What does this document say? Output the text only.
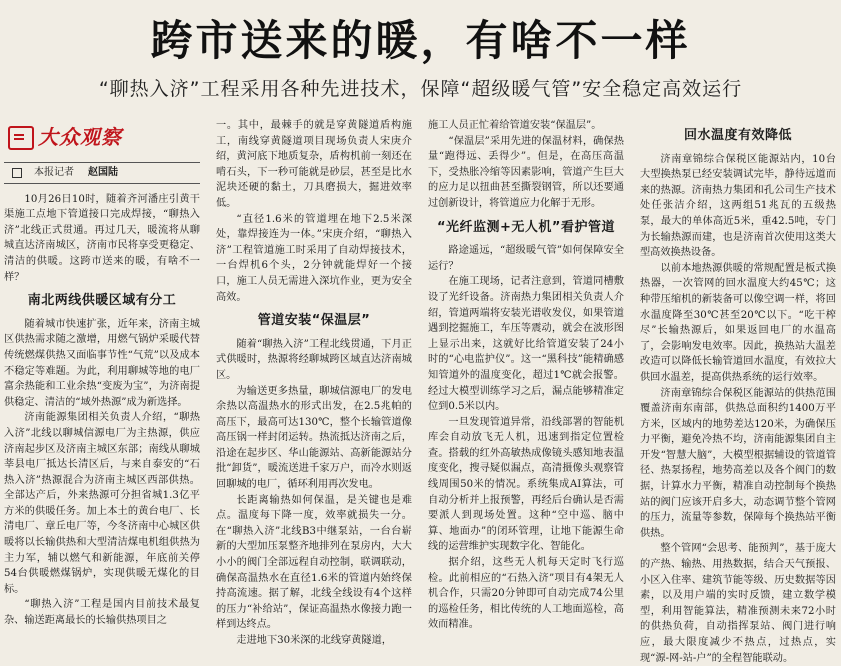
跨市送来的暖，有啥不一样
“聊热入济”工程采用各种先进技术，保障“超级暖气管”安全稳定高效运行
大众观察
本报记者 赵国陆

10月26日10时，随着齐河潘庄引黄干渠施工点地下管道接口完成焊接，“聊热入济”北线正式贯通。再过几天，暖流将从聊城直达济南城区，济南市民将享受更稳定、清洁的供暖。这跨市送来的暖，有啥不一样？

南北两线供暖区域有分工

随着城市快速扩张，近年来，济南主城区供热需求随之激增，用燃气锅炉采暖代替传统燃煤供热又面临事节性“气荒”以及成本不稳定等难题。为此，利用聊城等地的电厂富余热能和工业余热“变废为宝”，为济南提供稳定、清洁的“域外热源”成为新选择。

济南能源集团相关负责人介绍，“聊热入济”北线以聊城信源电厂为主热源，供应济南起步区及济南主城区东部；南线从聊城莘县电厂抵达长清区后，与来自泰安的“石热入济”热源混合为济南主城区西部供热。全部达产后，外来热源可分担省城1.3亿平方米的供暖任务。加上本土的黄台电厂、长清电厂、章丘电厂等，今冬济南中心城区供暖将以长输供热和大型清洁煤电机组供热为主力军，辅以燃气和新能源，年底前关停54台供暖燃煤锅炉，实现供暖无煤化的目标。

“聊热入济”工程是国内目前技术最复杂、输送距离最长的长输供热项目之

一。其中，最棘手的就是穿黄隧道盾构施工，南线穿黄隧道项目现场负责人宋庚介绍，黄河底下地质复杂，盾构机前一刻还在啃石头，下一秒可能就是砂层，甚至是比水泥块还硬的黏土，刀具磨损大，掘进效率低。

“直径1.6米的管道埋在地下2.5米深处，靠焊接连为一体。”宋庚介绍，“聊热入济”工程管道施工时采用了自动焊接技术，一台焊机6个头，2分钟就能焊好一个接口，施工人员无需进入深坑作业，更为安全高效。

管道安装“保温层”

随着“聊热入济”工程北线贯通，下月正式供暖时，热源将经聊城跨区域直达济南城区。

为输送更多热量，聊城信源电厂的发电余热以高温热水的形式出发，在2.5兆帕的高压下，最高可达130℃，整个长输管道像高压锅一样封闭运转。热流抵达济南之后，沿途在起步区、华山能源站、高新能源站分批“卸货”，暖流送进千家万户，而冷水则返回聊城的电厂，循环利用再次发电。

长距离输热如何保温，是关键也是难点。温度每下降一度，效率就损失一分。在“聊热入济”北线B3中继泵站，一台台崭新的大型加压泵整齐地排列在泵房内，大大小小的阀门全部远程自动控制，联调联动，确保高温热水在直径1.6米的管道内始终保持高流速。据了解，北线全线设有4个这样的压力“补给站”，保证高温热水像接力跑一样到达终点。

走进地下30米深的北线穿黄隧道，

施工人员正忙着给管道安装“保温层”。

“保温层”采用先进的保温材料，确保热量“跑得远、丢得少”。但是，在高压高温下，受热胀冷缩等因素影响，管道产生巨大的应力足以扭曲甚至撕裂钢管，所以还要通过创新设计，将管道应力化解于无形。

“光纤监测+无人机”看护管道

路途遥远，“超级暖气管”如何保障安全运行？

在施工现场，记者注意到，管道同槽敷设了光纤设备。济南热力集团相关负责人介绍，管道两端将安装光谱收发仪，如果管道遇到挖掘施工，车压等震动，就会在波形图上显示出来，这就好比给管道安装了24小时的“心电监护仪”。这一“黑科技”能精确感知管道外的温度变化，超过1℃就会报警。经过大模型训练学习之后，漏点能够精准定位到0.5米以内。

一旦发现管道异常，沿线部署的智能机库会自动放飞无人机，迅速到指定位置检查。搭载的红外高敏热成像镜头感知地表温度变化，搜寻疑似漏点，高清摄像头观察管线周围50米的情况。系统集成AI算法，可自动分析并上报预警，再经后台确认是否需要派人到现场处置。这种“空中巡、脑中算、地面办”的闭环管理，让地下能源生命线的运营维护实现数字化、智能化。

据介绍，这些无人机每天定时飞行巡检。此前相应的“石热入济”项目有4架无人机合作，只需20分钟即可自动完成74公里的巡检任务，相比传统的人工地面巡检，高效而精准。

回水温度有效降低

济南章锦综合保税区能源站内，10台大型换热泵已经安装调试完毕，静待远道而来的热源。济南热力集团和孔公司生产技术处任张洁介绍，这两组51兆瓦的五级热泵，最大的单体高近5米，重42.5吨，专门为长输热源而建，也是济南首次使用这类大型高效换热设备。

以前本地热源供暖的常规配置是板式换热器，一次管网的回水温度大约45℃；这种带压缩机的新装备可以像空调一样，将回水温度降至30℃甚至20℃以下。“吃干榨尽”长输热源后，如果返回电厂的水温高了，会影响发电效率。因此，换热站大温差改造可以降低长输管道回水温度，有效拉大供回水温差，提高供热系统的运行效率。

济南章锦综合保税区能源站的供热范围覆盖济南东南部，供热总面积约1400万平方米，区域内的地势差达120米，为确保压力平衡，避免冷热不均，济南能源集团自主开发“智慧大脑”，大模型根据辅设的管道管径、热泵扬程，地势高差以及各个阀门的数据，计算水力平衡，精准自动控制每个换热站的阀门应该开启多大，动态调节整个管网的压力，流量等参数，保障每个换热站平衡供热。

整个管网“会思考、能预判”，基于庞大的产热、输热、用热数据，结合天气预报、小区入住率、建筑节能等级、历史数据等因素，以及用户端的实时反馈，建立数学模型，利用智能算法，精准预测未来72小时的供热负荷，自动指挥泵站、阀门进行响应，最大限度减少不热点，过热点，实现“源-网-站-户”的全程智能联动。
